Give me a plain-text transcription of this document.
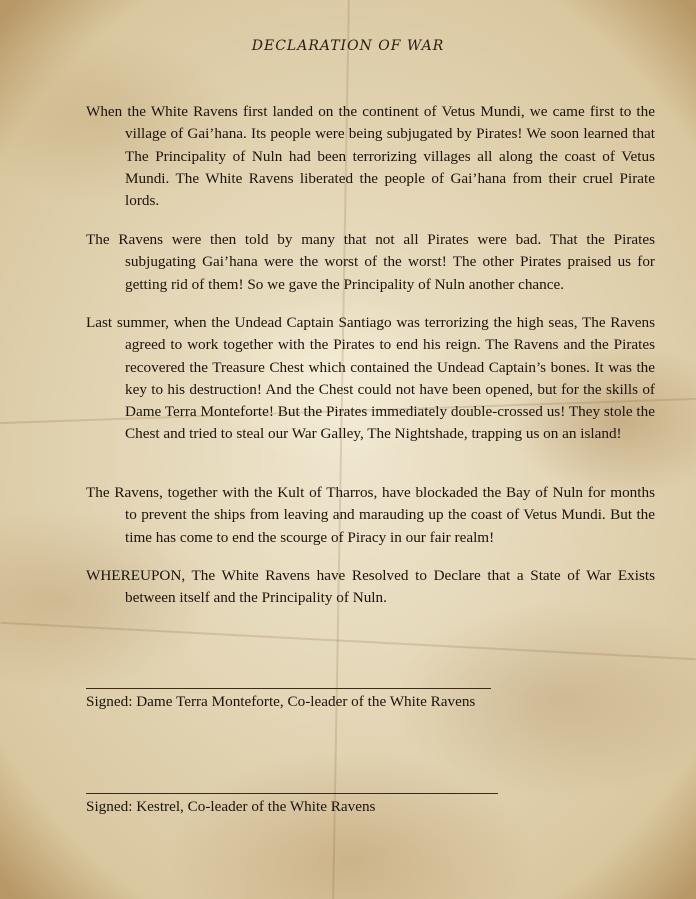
DECLARATION OF WAR

When the White Ravens first landed on the continent of Vetus Mundi, we came first to the village of Gai’hana. Its people were being subjugated by Pirates! We soon learned that The Principality of Nuln had been terrorizing villages all along the coast of Vetus Mundi. The White Ravens liberated the people of Gai’hana from their cruel Pirate lords.

The Ravens were then told by many that not all Pirates were bad. That the Pirates subjugating Gai’hana were the worst of the worst! The other Pirates praised us for getting rid of them! So we gave the Principality of Nuln another chance.

Last summer, when the Undead Captain Santiago was terrorizing the high seas, The Ravens agreed to work together with the Pirates to end his reign. The Ravens and the Pirates recovered the Treasure Chest which contained the Undead Captain’s bones. It was the key to his destruction! And the Chest could not have been opened, but for the skills of Dame Terra Monteforte! But the Pirates immediately double-crossed us! They stole the Chest and tried to steal our War Galley, The Nightshade, trapping us on an island!

The Ravens, together with the Kult of Tharros, have blockaded the Bay of Nuln for months to prevent the ships from leaving and marauding up the coast of Vetus Mundi. But the time has come to end the scourge of Piracy in our fair realm!

WHEREUPON, The White Ravens have Resolved to Declare that a State of War Exists between itself and the Principality of Nuln.

Signed: Dame Terra Monteforte, Co-leader of the White Ravens
Signed: Kestrel, Co-leader of the White Ravens
